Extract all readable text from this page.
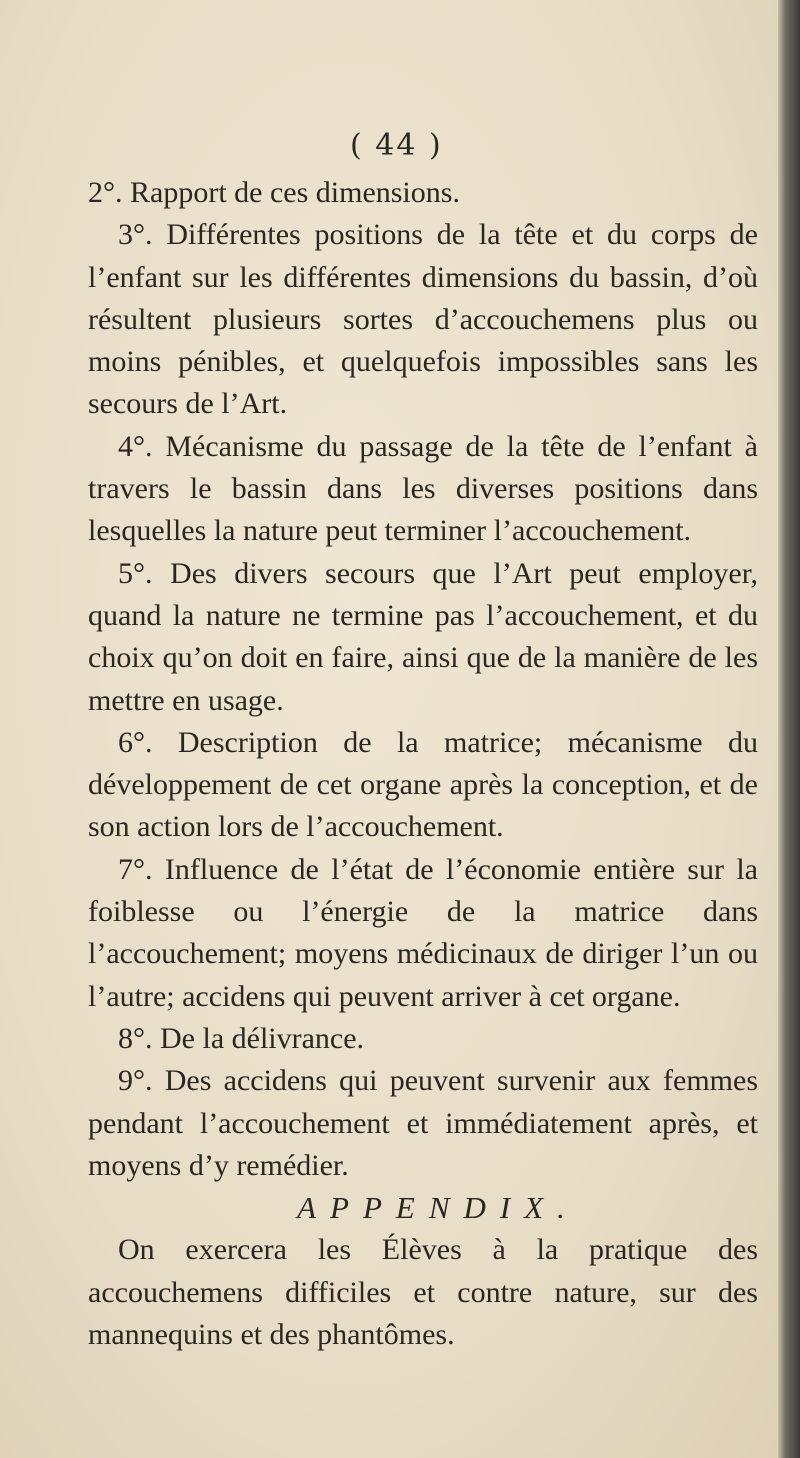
( 44 )

2°. Rapport de ces dimensions.

3°. Différentes positions de la tête et du corps de l’enfant sur les différentes dimensions du bassin, d’où résultent plusieurs sortes d’accouchemens plus ou moins pénibles, et quelquefois impossibles sans les secours de l’Art.

4°. Mécanisme du passage de la tête de l’enfant à travers le bassin dans les diverses positions dans lesquelles la nature peut terminer l’accouchement.

5°. Des divers secours que l’Art peut employer, quand la nature ne termine pas l’accouchement, et du choix qu’on doit en faire, ainsi que de la manière de les mettre en usage.

6°. Description de la matrice; mécanisme du développement de cet organe après la conception, et de son action lors de l’accouchement.

7°. Influence de l’état de l’économie entière sur la foiblesse ou l’énergie de la matrice dans l’accouchement; moyens médicinaux de diriger l’un ou l’autre; accidens qui peuvent arriver à cet organe.

8°. De la délivrance.

9°. Des accidens qui peuvent survenir aux femmes pendant l’accouchement et immédiatement après, et moyens d’y remédier.

APPENDIX.

On exercera les Élèves à la pratique des accouchemens difficiles et contre nature, sur des mannequins et des phantômes.
